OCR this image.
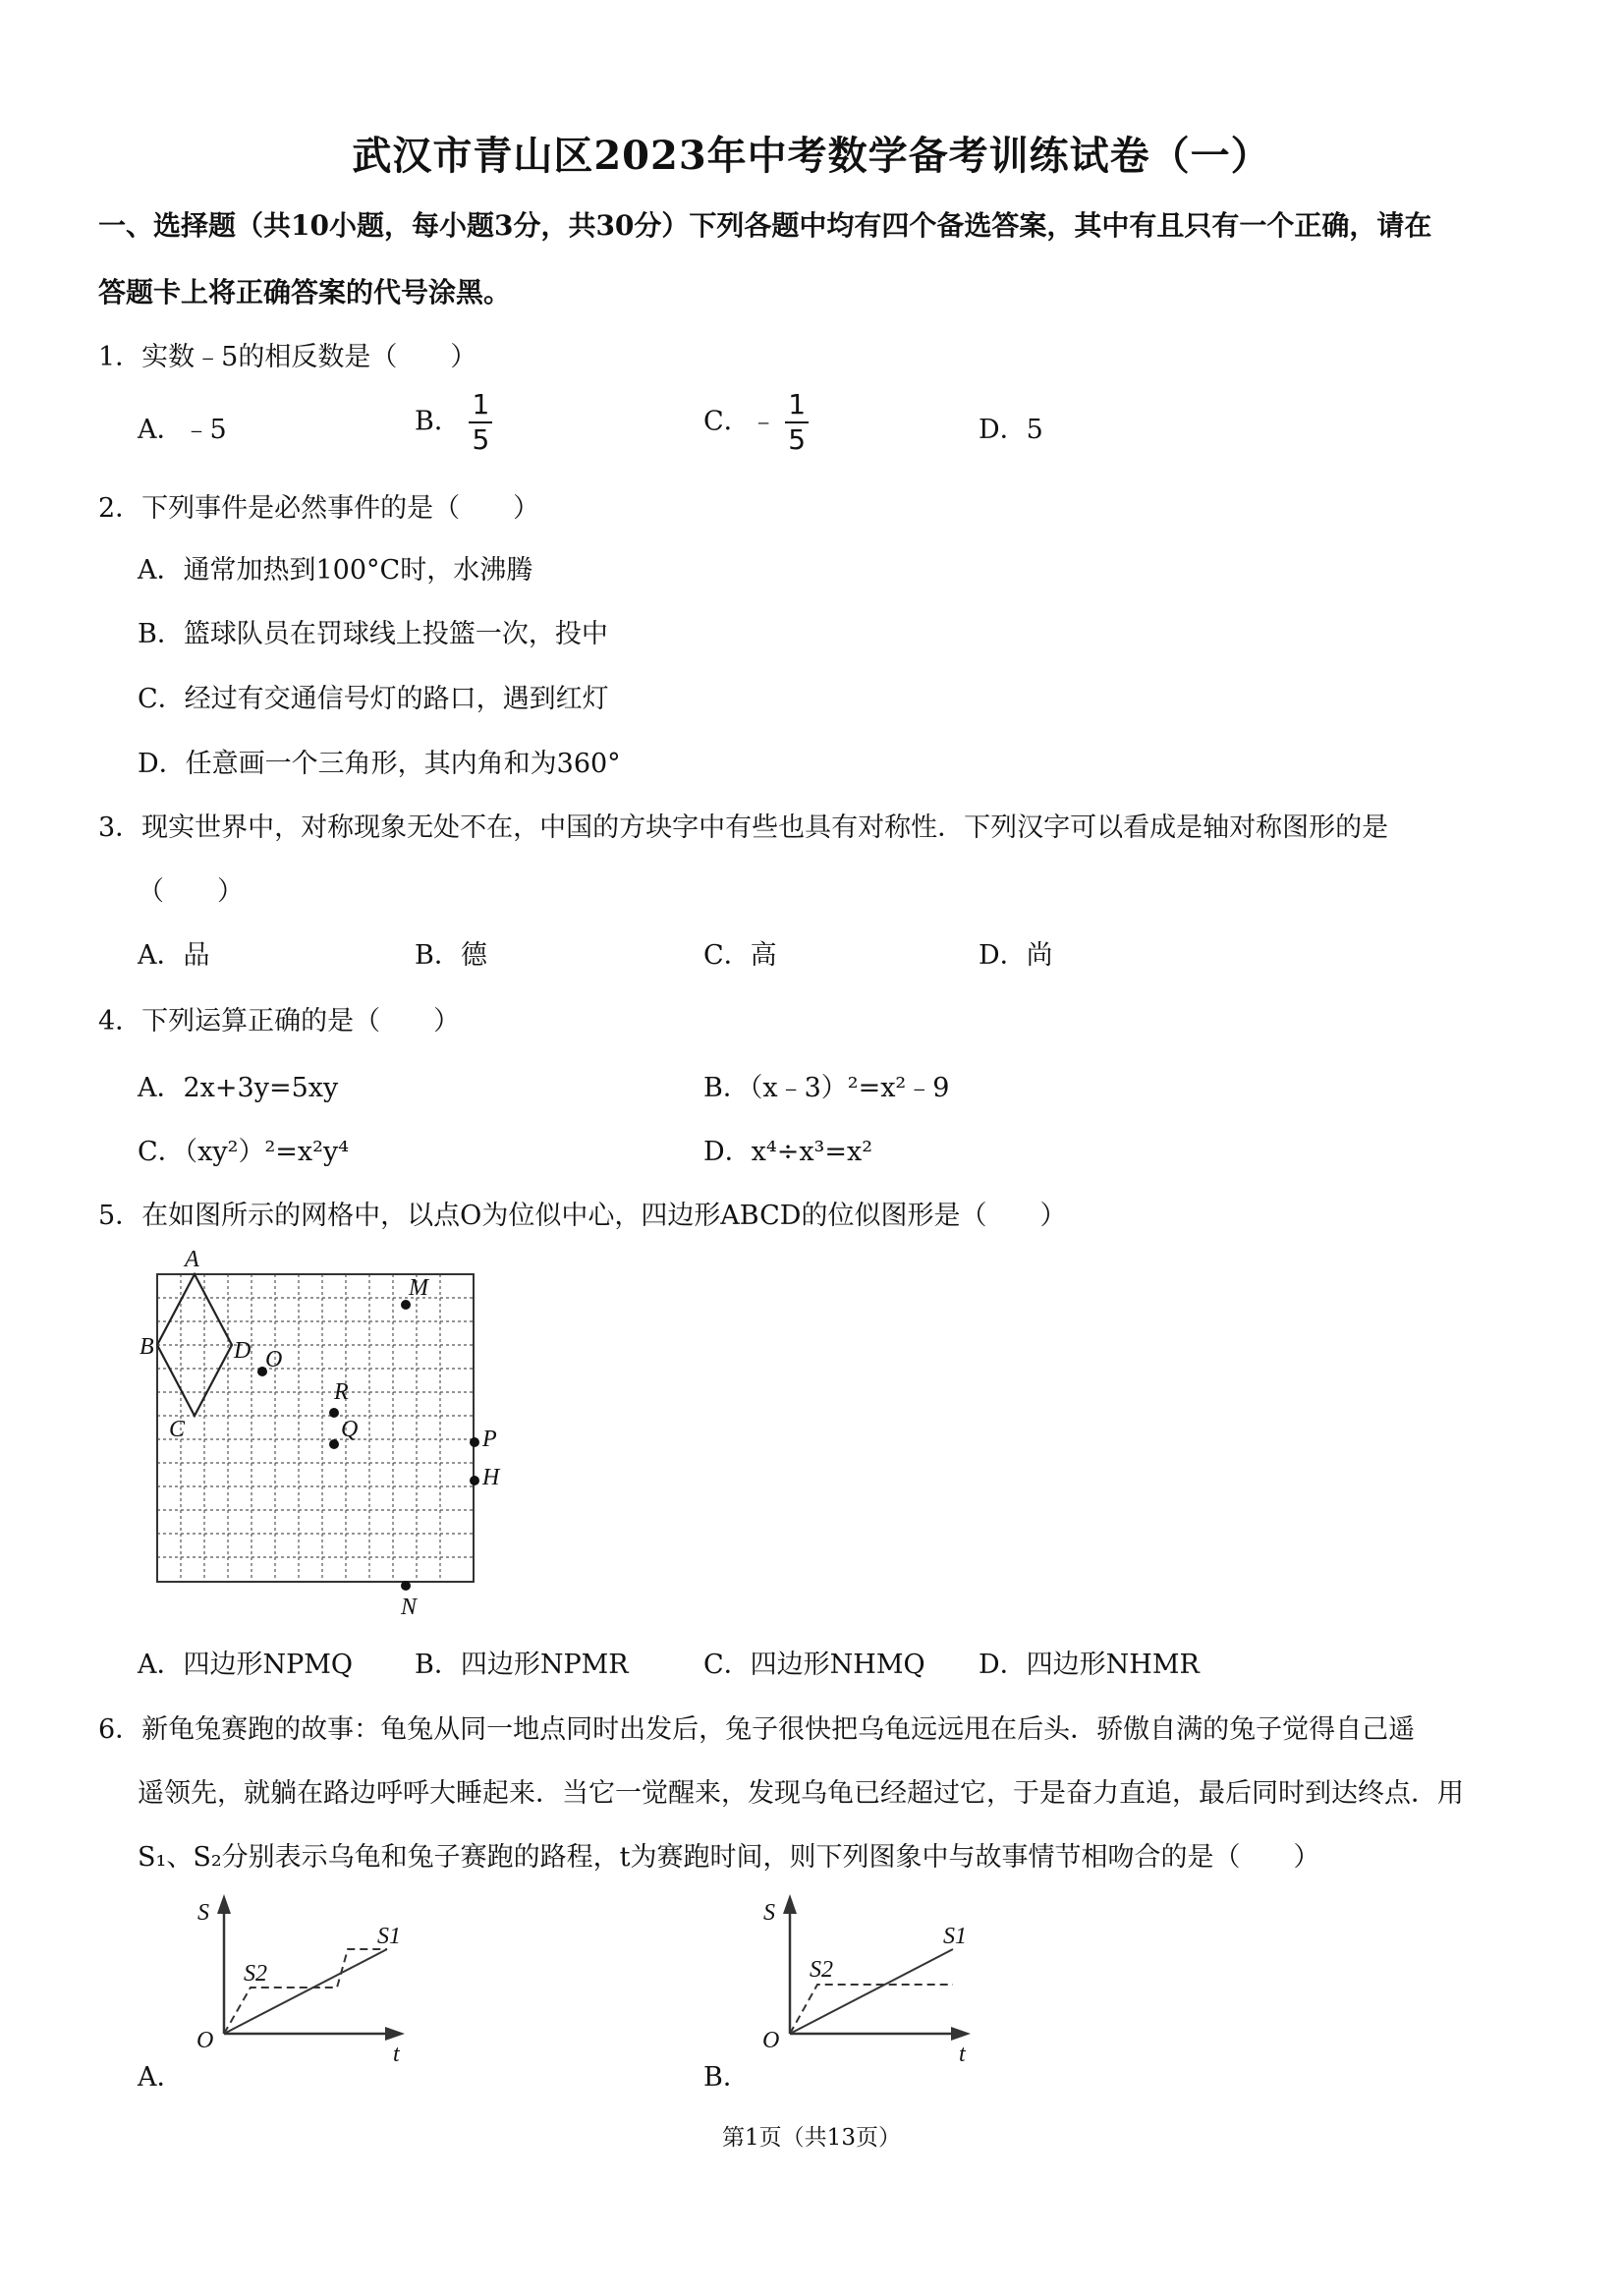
武汉市青山区2023年中考数学备考训练试卷（一）
一、选择题（共10小题，每小题3分，共30分）下列各题中均有四个备选答案，其中有且只有一个正确，请在
答题卡上将正确答案的代号涂黑。
1．实数﹣5的相反数是（　　）
A．﹣5	B． $\frac{1}{5}$	C．﹣ $\frac{1}{5}$	D．5
2．下列事件是必然事件的是（　　）
A．通常加热到100°C时，水沸腾
B．篮球队员在罚球线上投篮一次，投中
C．经过有交通信号灯的路口，遇到红灯
D．任意画一个三角形，其内角和为360°
3．现实世界中，对称现象无处不在，中国的方块字中有些也具有对称性．下列汉字可以看成是轴对称图形的是
（　　）
A．品	B．德	C．高	D．尚
4．下列运算正确的是（　　）
A．2x+3y=5xy	B．（x﹣3）²=x²﹣9
C．（xy²）²=x²y⁴	D．x⁴÷x³=x²
5．在如图所示的网格中，以点O为位似中心，四边形ABCD的位似图形是（　　）
A
B
C
D O
M
R
Q	P
H
N
A．四边形NPMQ B．四边形NPMR	C．四边形NHMQ D．四边形NHMR
6．新龟兔赛跑的故事：龟兔从同一地点同时出发后，兔子很快把乌龟远远甩在后头．骄傲自满的兔子觉得自己遥
遥领先，就躺在路边呼呼大睡起来．当它一觉醒来，发现乌龟已经超过它，于是奋力直追，最后同时到达终点．用
S₁、S₂分别表示乌龟和兔子赛跑的路程，t为赛跑时间，则下列图象中与故事情节相吻合的是（　　）
S
O
t
S1
S2
A．
S
O
t
S1
S2
B．
第1页（共13页）
